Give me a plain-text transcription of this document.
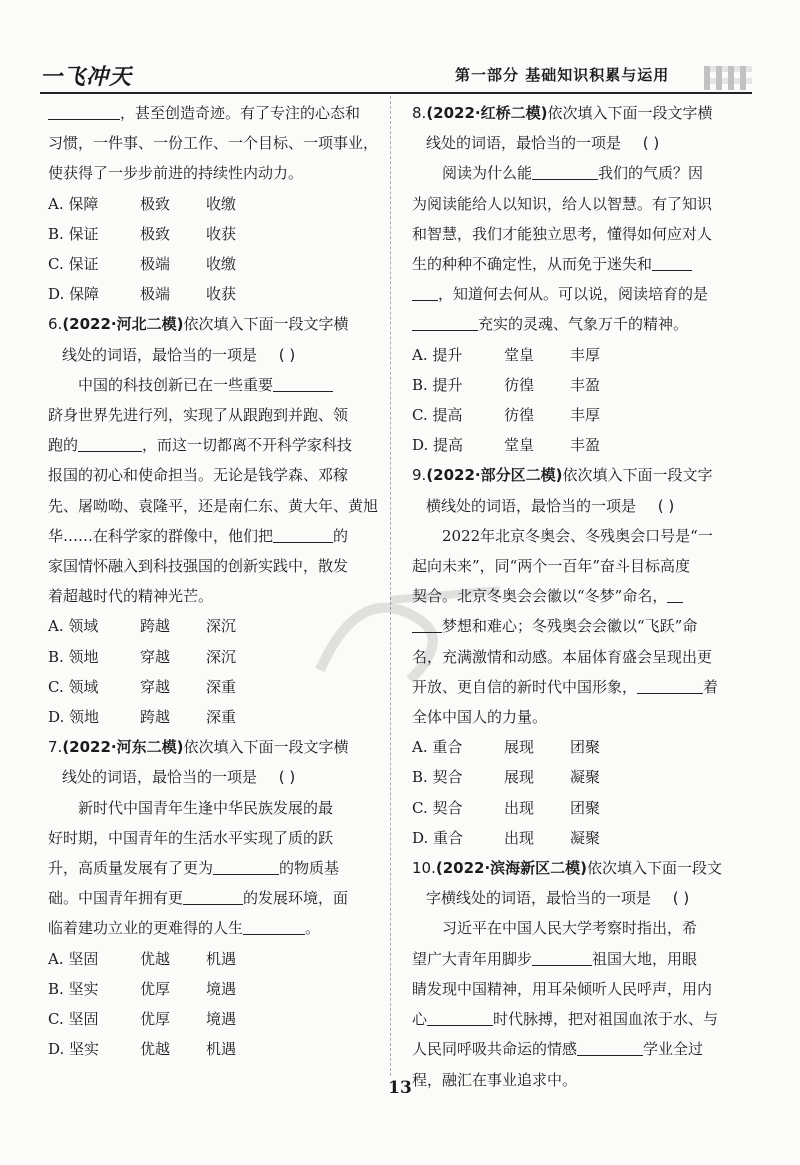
一飞冲天	第一部分 基础知识积累与运用
，甚至创造奇迹。有了专注的心态和
习惯，一件事、一份工作、一个目标、一项事业，
使获得了一步步前进的持续性内动力。
A. 保障	极致	收缴
B. 保证	极致	收获
C. 保证	极端	收缴
D. 保障	极端	收获
6.(2022·河北二模)依次填入下面一段文字横
线处的词语，最恰当的一项是 ( )
中国的科技创新已在一些重要
跻身世界先进行列，实现了从跟跑到并跑、领
跑的	，而这一切都离不开科学家科技
报国的初心和使命担当。无论是钱学森、邓稼
先、屠呦呦、袁隆平，还是南仁东、黄大年、黄旭
华……在科学家的群像中，他们把	的
家国情怀融入到科技强国的创新实践中，散发
着超越时代的精神光芒。
A. 领域	跨越	深沉
B. 领地	穿越	深沉
C. 领域	穿越	深重
D. 领地	跨越	深重
7.(2022·河东二模)依次填入下面一段文字横
线处的词语，最恰当的一项是 ( )
新时代中国青年生逢中华民族发展的最
好时期，中国青年的生活水平实现了质的跃
升，高质量发展有了更为	的物质基
础。中国青年拥有更	的发展环境，面
临着建功立业的更难得的人生	。
A. 坚固	优越	机遇
B. 坚实	优厚	境遇
C. 坚固	优厚	境遇
D. 坚实	优越	机遇
8.(2022·红桥二模)依次填入下面一段文字横
线处的词语，最恰当的一项是 ( )
阅读为什么能	我们的气质？因
为阅读能给人以知识，给人以智慧。有了知识
和智慧，我们才能独立思考，懂得如何应对人
生的种种不确定性，从而免于迷失和
，知道何去何从。可以说，阅读培育的是
充实的灵魂、气象万千的精神。
A. 提升	堂皇	丰厚
B. 提升	彷徨	丰盈
C. 提高	彷徨	丰厚
D. 提高	堂皇	丰盈
9.(2022·部分区二模)依次填入下面一段文字
横线处的词语，最恰当的一项是 ( )
2022年北京冬奥会、冬残奥会口号是“一
起向未来”，同“两个一百年”奋斗目标高度
契合。北京冬奥会会徽以“冬梦”命名，
梦想和难心；冬残奥会会徽以“飞跃”命
名，充满激情和动感。本届体育盛会呈现出更
开放、更自信的新时代中国形象，	着
全体中国人的力量。
A. 重合	展现	团聚
B. 契合	展现	凝聚
C. 契合	出现	团聚
D. 重合	出现	凝聚
10.(2022·滨海新区二模)依次填入下面一段文
字横线处的词语，最恰当的一项是 ( )
习近平在中国人民大学考察时指出，希
望广大青年用脚步	祖国大地，用眼
睛发现中国精神，用耳朵倾听人民呼声，用内
心	时代脉搏，把对祖国血浓于水、与
人民同呼吸共命运的情感	学业全过
程，融汇在事业追求中。
13
